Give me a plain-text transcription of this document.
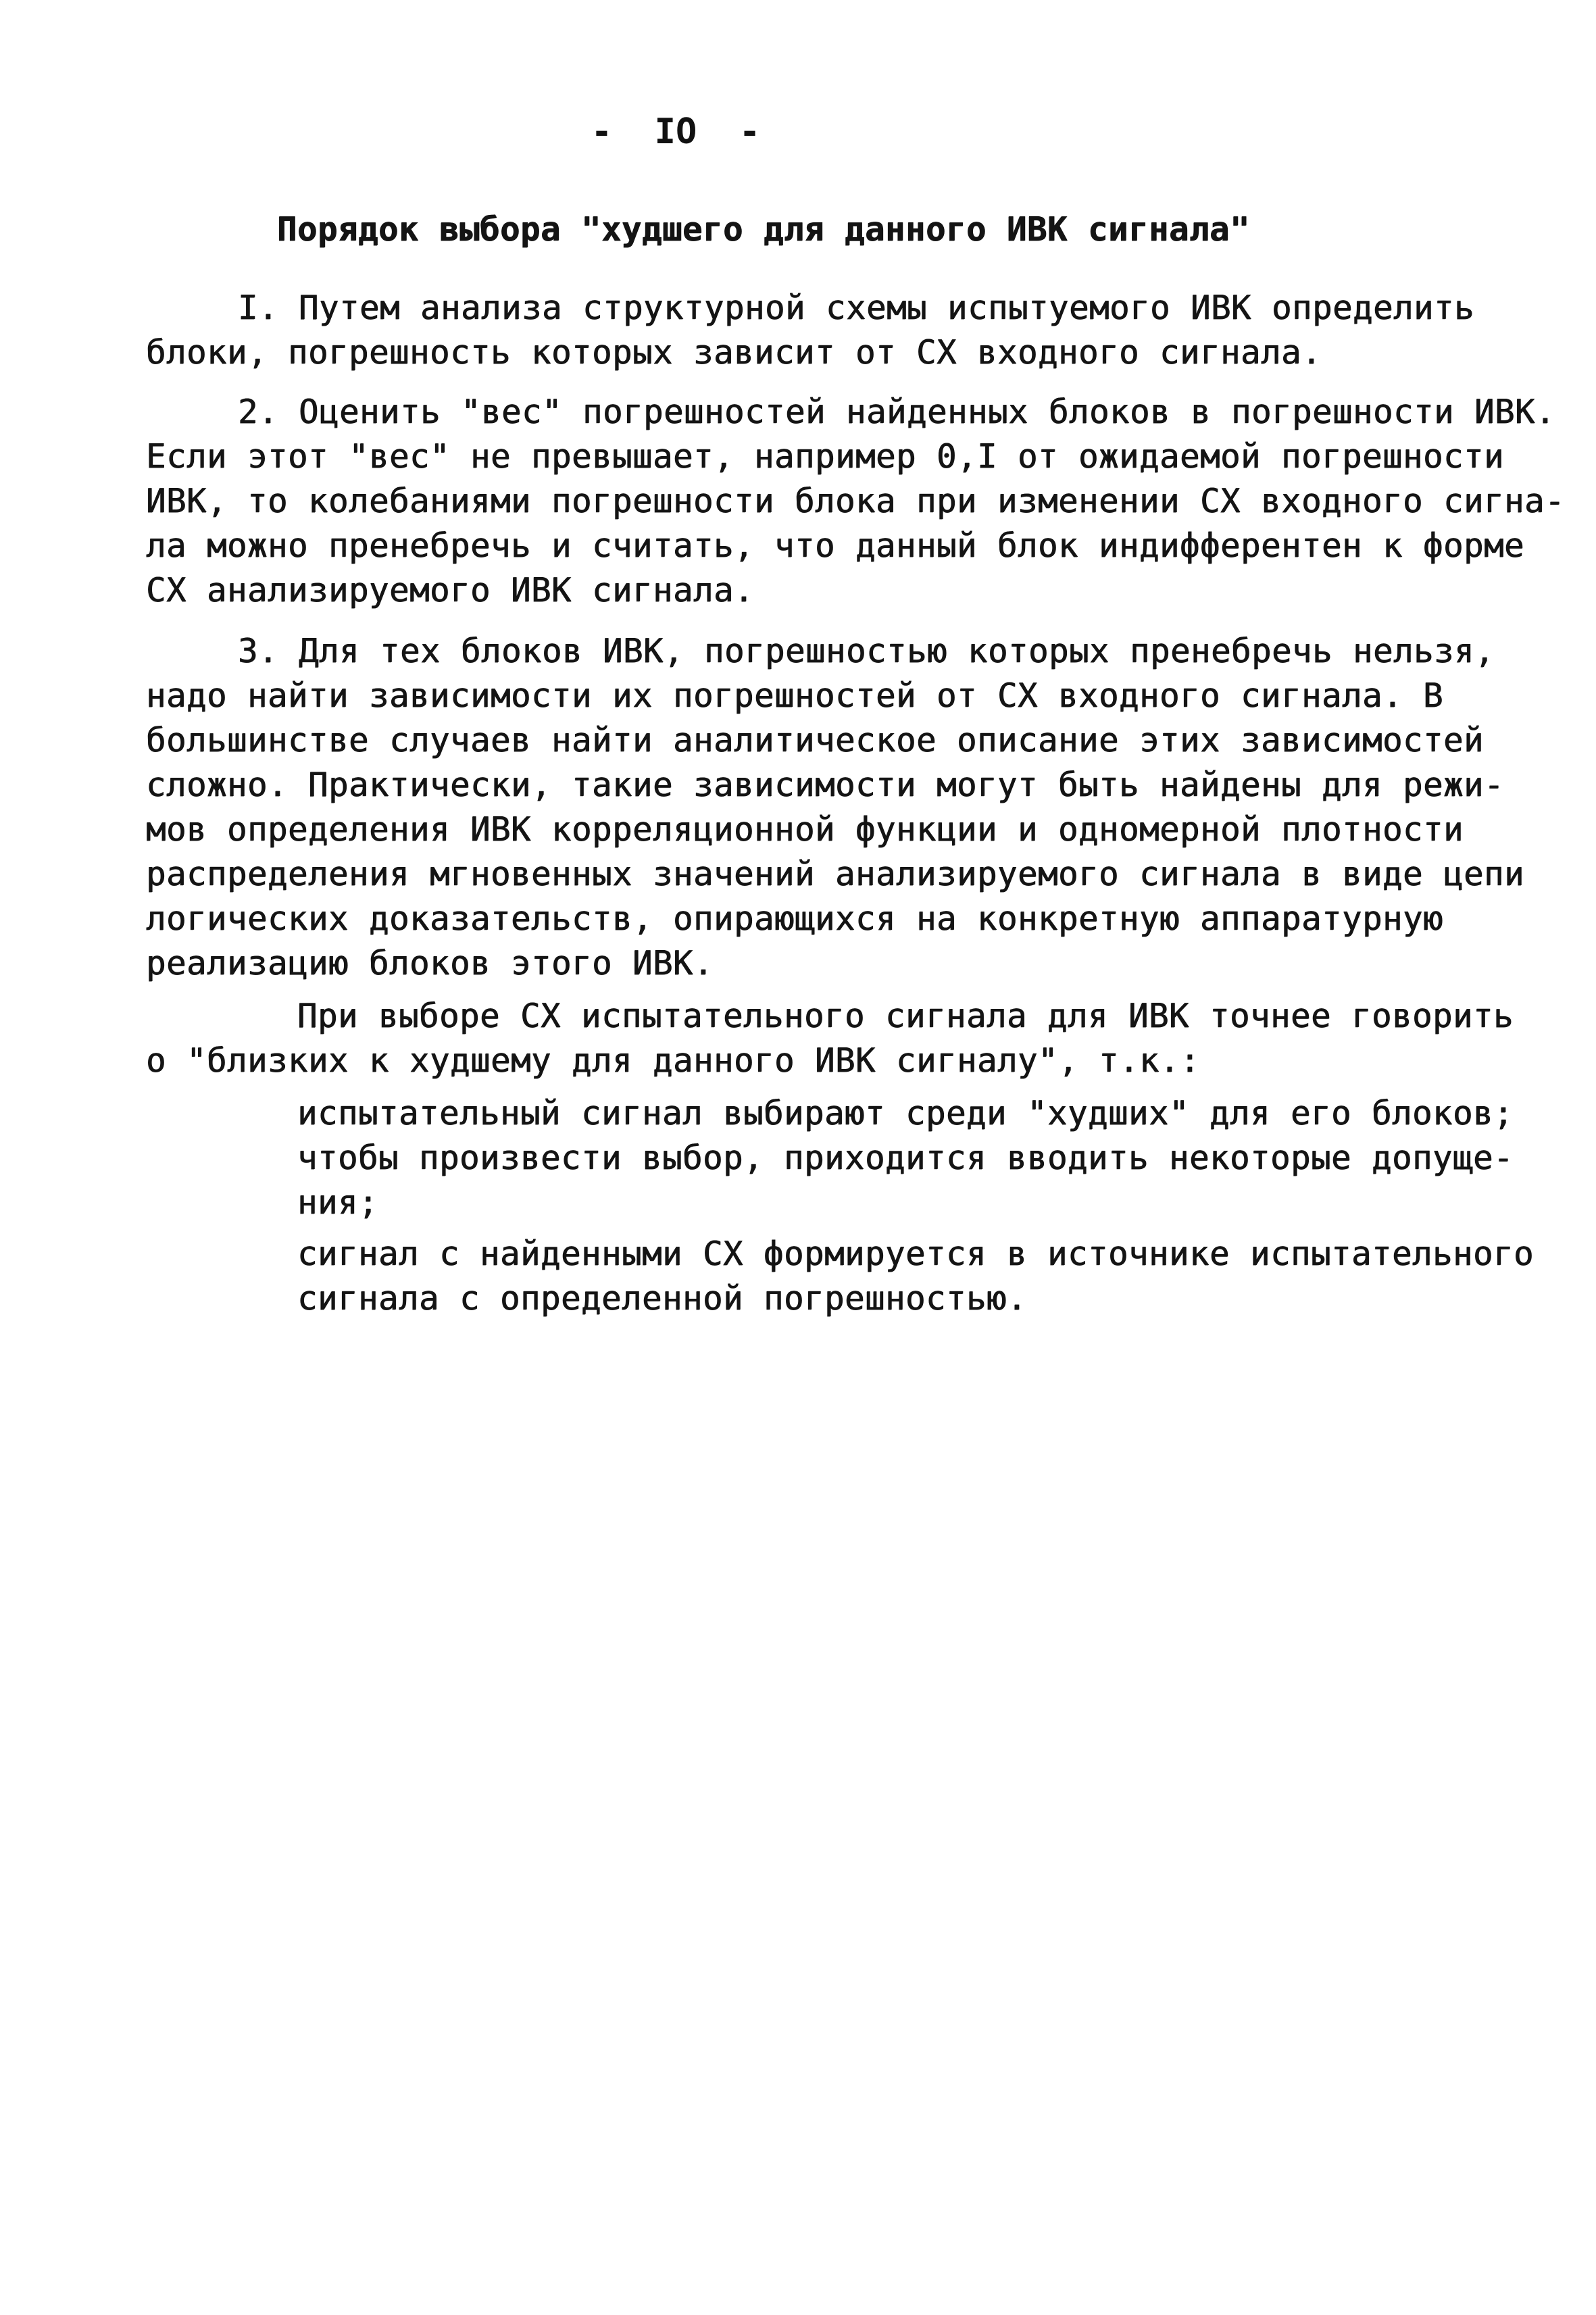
-  IO  -
Порядок выбора "худшего для данного ИВК сигнала"
I. Путем анализа структурной схемы испытуемого ИВК определить
блоки, погрешность которых зависит от СХ входного сигнала.
2. Оценить "вес" погрешностей найденных блоков в погрешности ИВК.
Если этот "вес" не превышает, например 0,I от ожидаемой погрешности
ИВК, то колебаниями погрешности блока при изменении СХ входного сигна-
ла можно пренебречь и считать, что данный блок индифферентен к форме
СХ анализируемого ИВК сигнала.
3. Для тех блоков ИВК, погрешностью которых пренебречь нельзя,
надо найти зависимости их погрешностей от СХ входного сигнала. В
большинстве случаев найти аналитическое описание этих зависимостей
сложно. Практически, такие зависимости могут быть найдены для режи-
мов определения ИВК корреляционной функции и одномерной плотности
распределения мгновенных значений анализируемого сигнала в виде цепи
логических доказательств, опирающихся на конкретную аппаратурную
реализацию блоков этого ИВК.
При выборе СХ испытательного сигнала для ИВК точнее говорить
о "близких к худшему для данного ИВК сигналу", т.к.:
испытательный сигнал выбирают среди "худших" для его блоков;
чтобы произвести выбор, приходится вводить некоторые допуще-
ния;
сигнал с найденными СХ формируется в источнике испытательного
сигнала с определенной погрешностью.
